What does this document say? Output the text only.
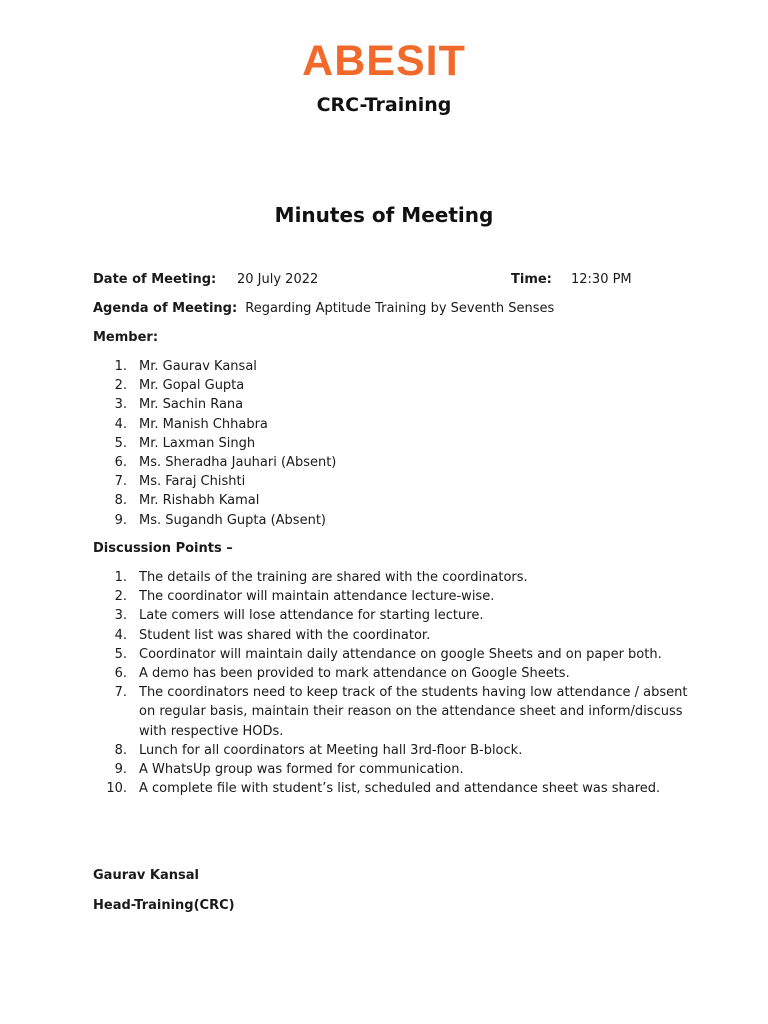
ABESIT
CRC-Training
Minutes of Meeting
Date of Meeting: 20 July 2022	Time: 12:30 PM
Agenda of Meeting: Regarding Aptitude Training by Seventh Senses
Member:
1. Mr. Gaurav Kansal
2. Mr. Gopal Gupta
3. Mr. Sachin Rana
4. Mr. Manish Chhabra
5. Mr. Laxman Singh
6. Ms. Sheradha Jauhari (Absent)
7. Ms. Faraj Chishti
8. Mr. Rishabh Kamal
9. Ms. Sugandh Gupta (Absent)
Discussion Points –
1. The details of the training are shared with the coordinators.
2. The coordinator will maintain attendance lecture-wise.
3. Late comers will lose attendance for starting lecture.
4. Student list was shared with the coordinator.
5. Coordinator will maintain daily attendance on google Sheets and on paper both.
6. A demo has been provided to mark attendance on Google Sheets.
7. The coordinators need to keep track of the students having low attendance / absent on regular basis, maintain their reason on the attendance sheet and inform/discuss with respective HODs.
8. Lunch for all coordinators at Meeting hall 3rd-floor B-block.
9. A WhatsUp group was formed for communication.
10. A complete file with student’s list, scheduled and attendance sheet was shared.
Gaurav Kansal
Head-Training(CRC)
